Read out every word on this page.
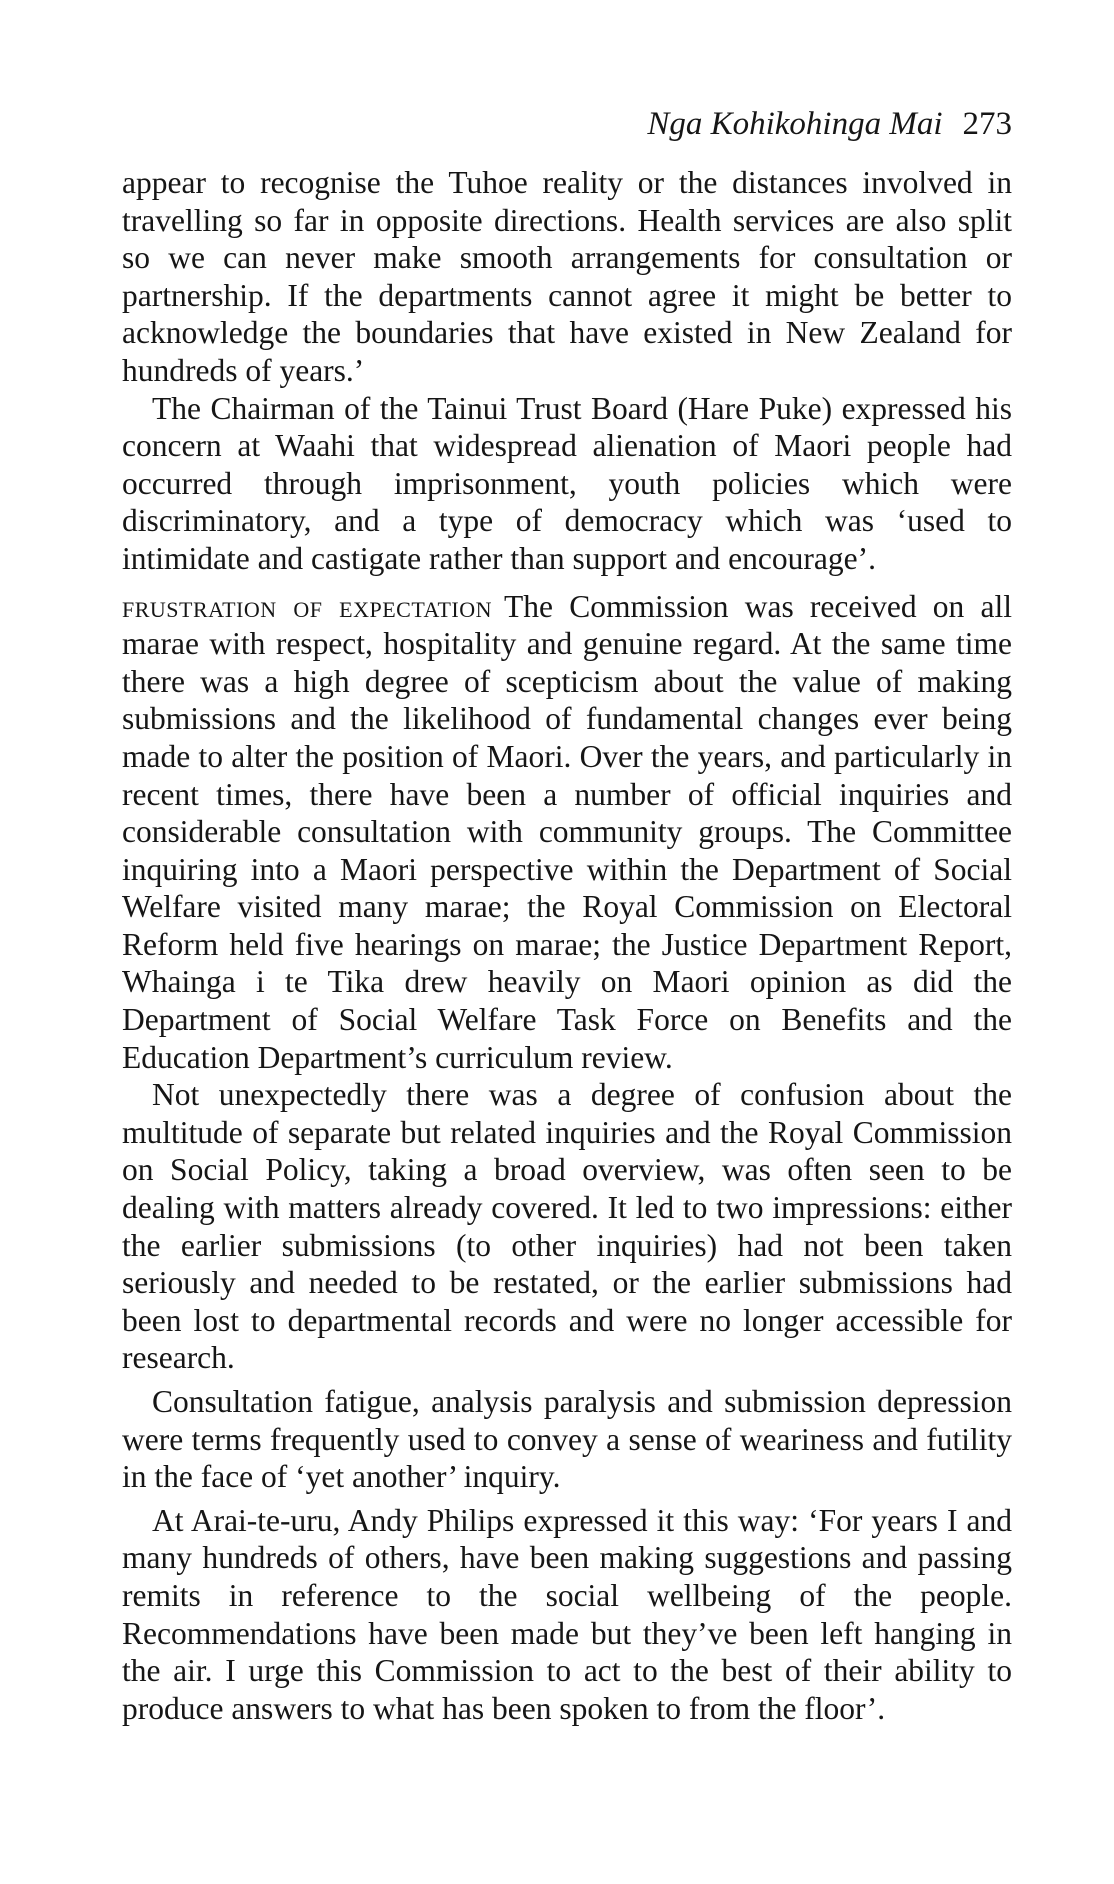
Nga Kohikohinga Mai 273

appear to recognise the Tuhoe reality or the distances involved in travelling so far in opposite directions. Health services are also split so we can never make smooth arrangements for consultation or partnership. If the departments cannot agree it might be better to acknowledge the boundaries that have existed in New Zealand for hundreds of years.’

The Chairman of the Tainui Trust Board (Hare Puke) expressed his concern at Waahi that widespread alienation of Maori people had occurred through imprisonment, youth policies which were discriminatory, and a type of democracy which was ‘used to intimidate and castigate rather than support and encourage’.

frustration of expectation The Commission was received on all marae with respect, hospitality and genuine regard. At the same time there was a high degree of scepticism about the value of making submissions and the likelihood of fundamental changes ever being made to alter the position of Maori. Over the years, and particularly in recent times, there have been a number of official inquiries and considerable consultation with community groups. The Committee inquiring into a Maori perspective within the Department of Social Welfare visited many marae; the Royal Commission on Electoral Reform held five hearings on marae; the Justice Department Report, Whainga i te Tika drew heavily on Maori opinion as did the Department of Social Welfare Task Force on Benefits and the Education Department’s curriculum review.

Not unexpectedly there was a degree of confusion about the multitude of separate but related inquiries and the Royal Commission on Social Policy, taking a broad overview, was often seen to be dealing with matters already covered. It led to two impressions: either the earlier submissions (to other inquiries) had not been taken seriously and needed to be restated, or the earlier submissions had been lost to departmental records and were no longer accessible for research.

Consultation fatigue, analysis paralysis and submission depression were terms frequently used to convey a sense of weariness and futility in the face of ‘yet another’ inquiry.

At Arai-te-uru, Andy Philips expressed it this way: ‘For years I and many hundreds of others, have been making suggestions and passing remits in reference to the social wellbeing of the people. Recommendations have been made but they’ve been left hanging in the air. I urge this Commission to act to the best of their ability to produce answers to what has been spoken to from the floor’.
